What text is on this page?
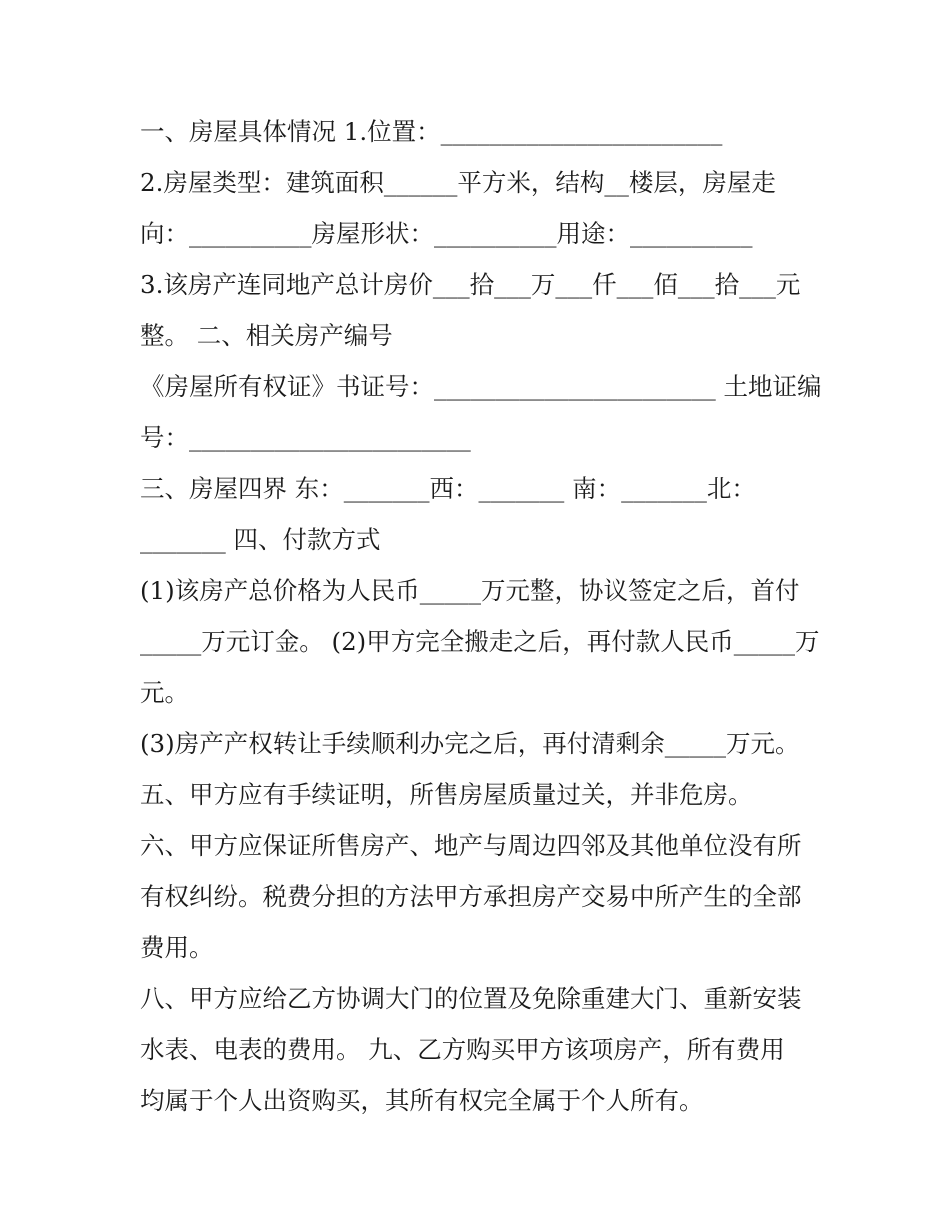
一、房屋具体情况 1.位置：_______________________
2.房屋类型：建筑面积______平方米，结构__楼层，房屋走
向：__________房屋形状：__________用途：__________
3.该房产连同地产总计房价___拾___万___仟___佰___拾___元
整。 二、相关房产编号
《房屋所有权证》书证号：_______________________ 土地证编
号：_______________________
三、房屋四界 东：_______西：_______ 南：_______北：
_______ 四、付款方式
(1)该房产总价格为人民币_____万元整，协议签定之后，首付
_____万元订金。 (2)甲方完全搬走之后，再付款人民币_____万
元。
(3)房产产权转让手续顺利办完之后，再付清剩余_____万元。
五、甲方应有手续证明，所售房屋质量过关，并非危房。
六、甲方应保证所售房产、地产与周边四邻及其他单位没有所
有权纠纷。税费分担的方法甲方承担房产交易中所产生的全部
费用。
八、甲方应给乙方协调大门的位置及免除重建大门、重新安装
水表、电表的费用。 九、乙方购买甲方该项房产，所有费用
均属于个人出资购买，其所有权完全属于个人所有。
